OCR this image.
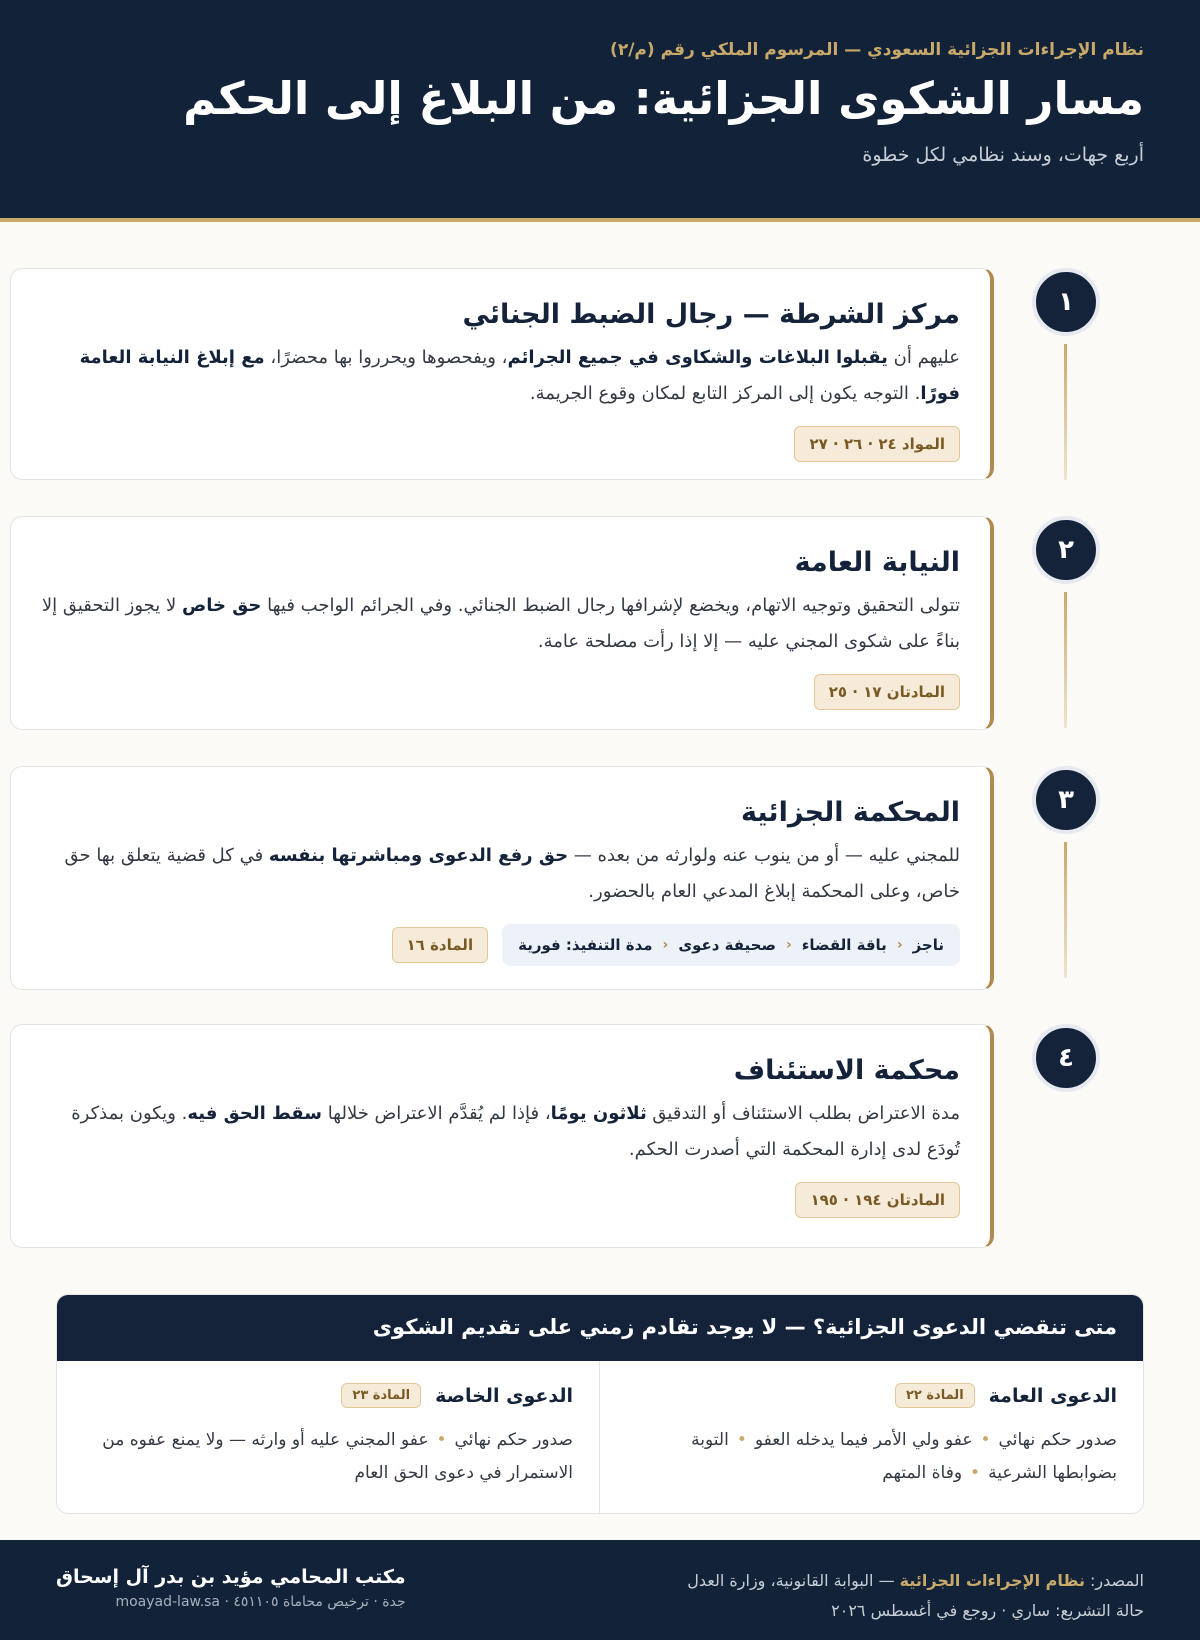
نظام الإجراءات الجزائية السعودي — المرسوم الملكي رقم (م/٢)
مسار الشكوى الجزائية: من البلاغ إلى الحكم
أربع جهات، وسند نظامي لكل خطوة
١
مركز الشرطة — رجال الضبط الجنائي

عليهم أن يقبلوا البلاغات والشكاوى في جميع الجرائم، ويفحصوها ويحرروا بها محضرًا، مع إبلاغ النيابة العامة فورًا. التوجه يكون إلى المركز التابع لمكان وقوع الجريمة.

المواد ٢٤ · ٢٦ · ٢٧
٢
النيابة العامة

تتولى التحقيق وتوجيه الاتهام، ويخضع لإشرافها رجال الضبط الجنائي. وفي الجرائم الواجب فيها حق خاص لا يجوز التحقيق إلا بناءً على شكوى المجني عليه — إلا إذا رأت مصلحة عامة.

المادتان ١٧ · ٢٥
٣
المحكمة الجزائية

للمجني عليه — أو من ينوب عنه ولوارثه من بعده — حق رفع الدعوى ومباشرتها بنفسه في كل قضية يتعلق بها حق خاص، وعلى المحكمة إبلاغ المدعي العام بالحضور.

ناجز
‹
باقة القضاء
‹
صحيفة دعوى
‹
مدة التنفيذ: فورية
المادة ١٦
٤
محكمة الاستئناف

مدة الاعتراض بطلب الاستئناف أو التدقيق ثلاثون يومًا، فإذا لم يُقدَّم الاعتراض خلالها سقط الحق فيه. ويكون بمذكرة تُودَع لدى إدارة المحكمة التي أصدرت الحكم.

المادتان ١٩٤ · ١٩٥
متى تنقضي الدعوى الجزائية؟ — لا يوجد تقادم زمني على تقديم الشكوى
الدعوى العامة
المادة ٢٢
صدور حكم نهائي•عفو ولي الأمر فيما يدخله العفو•التوبة بضوابطها الشرعية•وفاة المتهم
الدعوى الخاصة
المادة ٢٣
صدور حكم نهائي•عفو المجني عليه أو وارثه — ولا يمنع عفوه من الاستمرار في دعوى الحق العام
المصدر: نظام الإجراءات الجزائية — البوابة القانونية، وزارة العدل
حالة التشريع: ساري · روجع في أغسطس ٢٠٢٦
مكتب المحامي مؤيد بن بدر آل إسحاق
جدة · ترخيص محاماة ٤٥١١٠٥ · moayad-law.sa
